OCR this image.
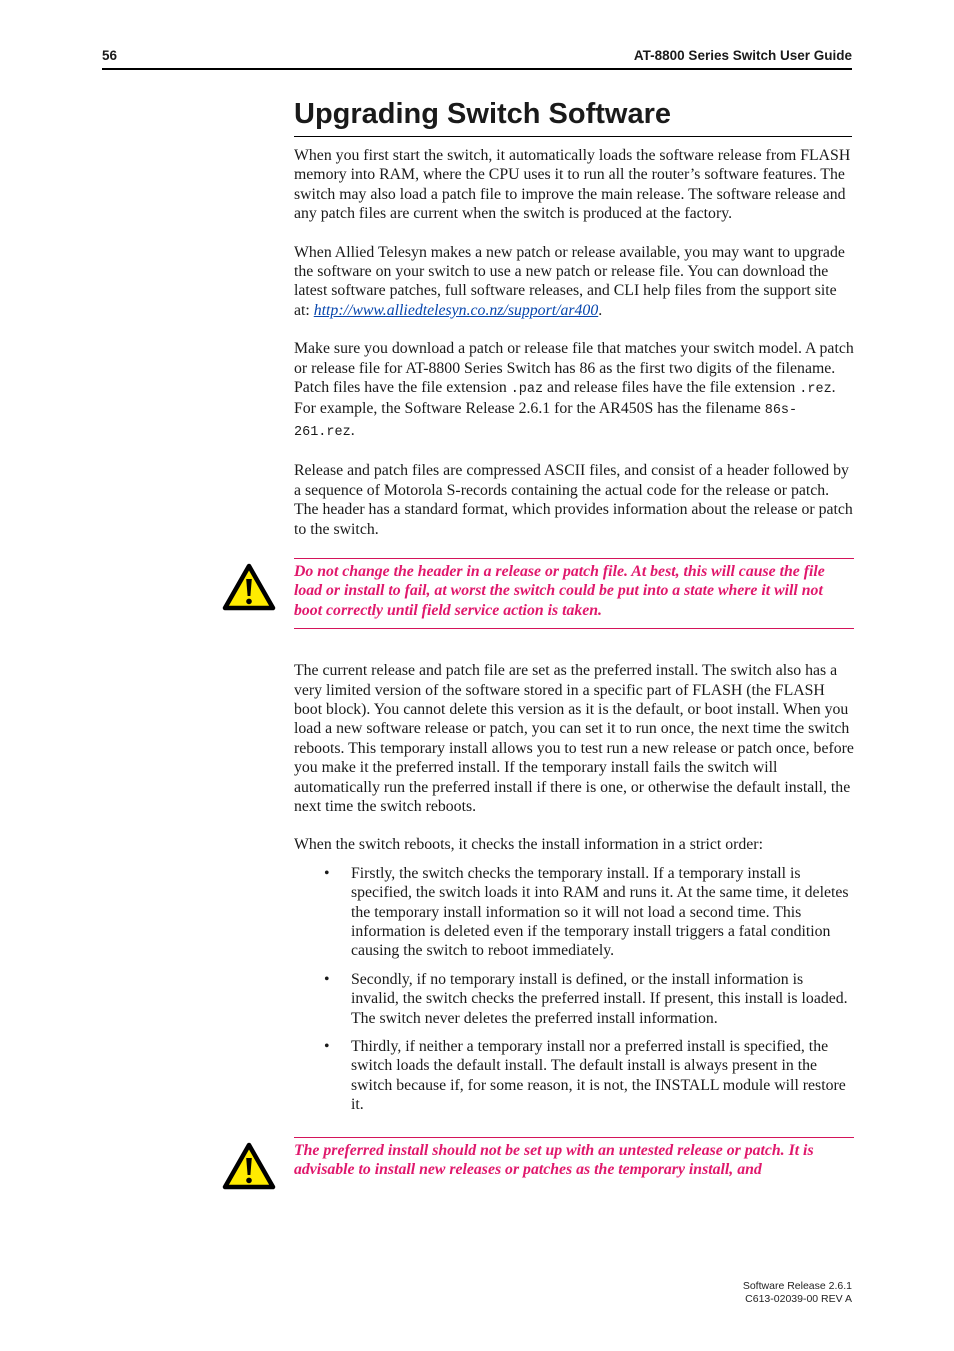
56	AT-8800 Series Switch User Guide
Upgrading Switch Software

When you first start the switch, it automatically loads the software release from FLASH memory into RAM, where the CPU uses it to run all the router’s software features. The switch may also load a patch file to improve the main release. The software release and any patch files are current when the switch is produced at the factory.

When Allied Telesyn makes a new patch or release available, you may want to upgrade the software on your switch to use a new patch or release file. You can download the latest software patches, full software releases, and CLI help files from the support site at: http://www.alliedtelesyn.co.nz/support/ar400.

Make sure you download a patch or release file that matches your switch model. A patch or release file for AT-8800 Series Switch has 86 as the first two digits of the filename. Patch files have the file extension .paz and release files have the file extension .rez. For example, the Software Release 2.6.1 for the AR450S has the filename 86s-261.rez.

Release and patch files are compressed ASCII files, and consist of a header followed by a sequence of Motorola S-records containing the actual code for the release or patch. The header has a standard format, which provides information about the release or patch to the switch.

Do not change the header in a release or patch file. At best, this will cause the file load or install to fail, at worst the switch could be put into a state where it will not boot correctly until field service action is taken.

The current release and patch file are set as the preferred install. The switch also has a very limited version of the software stored in a specific part of FLASH (the FLASH boot block). You cannot delete this version as it is the default, or boot install. When you load a new software release or patch, you can set it to run once, the next time the switch reboots. This temporary install allows you to test run a new release or patch once, before you make it the preferred install. If the temporary install fails the switch will automatically run the preferred install if there is one, or otherwise the default install, the next time the switch reboots.

When the switch reboots, it checks the install information in a strict order:

• Firstly, the switch checks the temporary install. If a temporary install is specified, the switch loads it into RAM and runs it. At the same time, it deletes the temporary install information so it will not load a second time. This information is deleted even if the temporary install triggers a fatal condition causing the switch to reboot immediately.
• Secondly, if no temporary install is defined, or the install information is invalid, the switch checks the preferred install. If present, this install is loaded. The switch never deletes the preferred install information.
• Thirdly, if neither a temporary install nor a preferred install is specified, the switch loads the default install. The default install is always present in the switch because if, for some reason, it is not, the INSTALL module will restore it.

The preferred install should not be set up with an untested release or patch. It is advisable to install new releases or patches as the temporary install, and

Software Release 2.6.1
C613-02039-00 REV A
